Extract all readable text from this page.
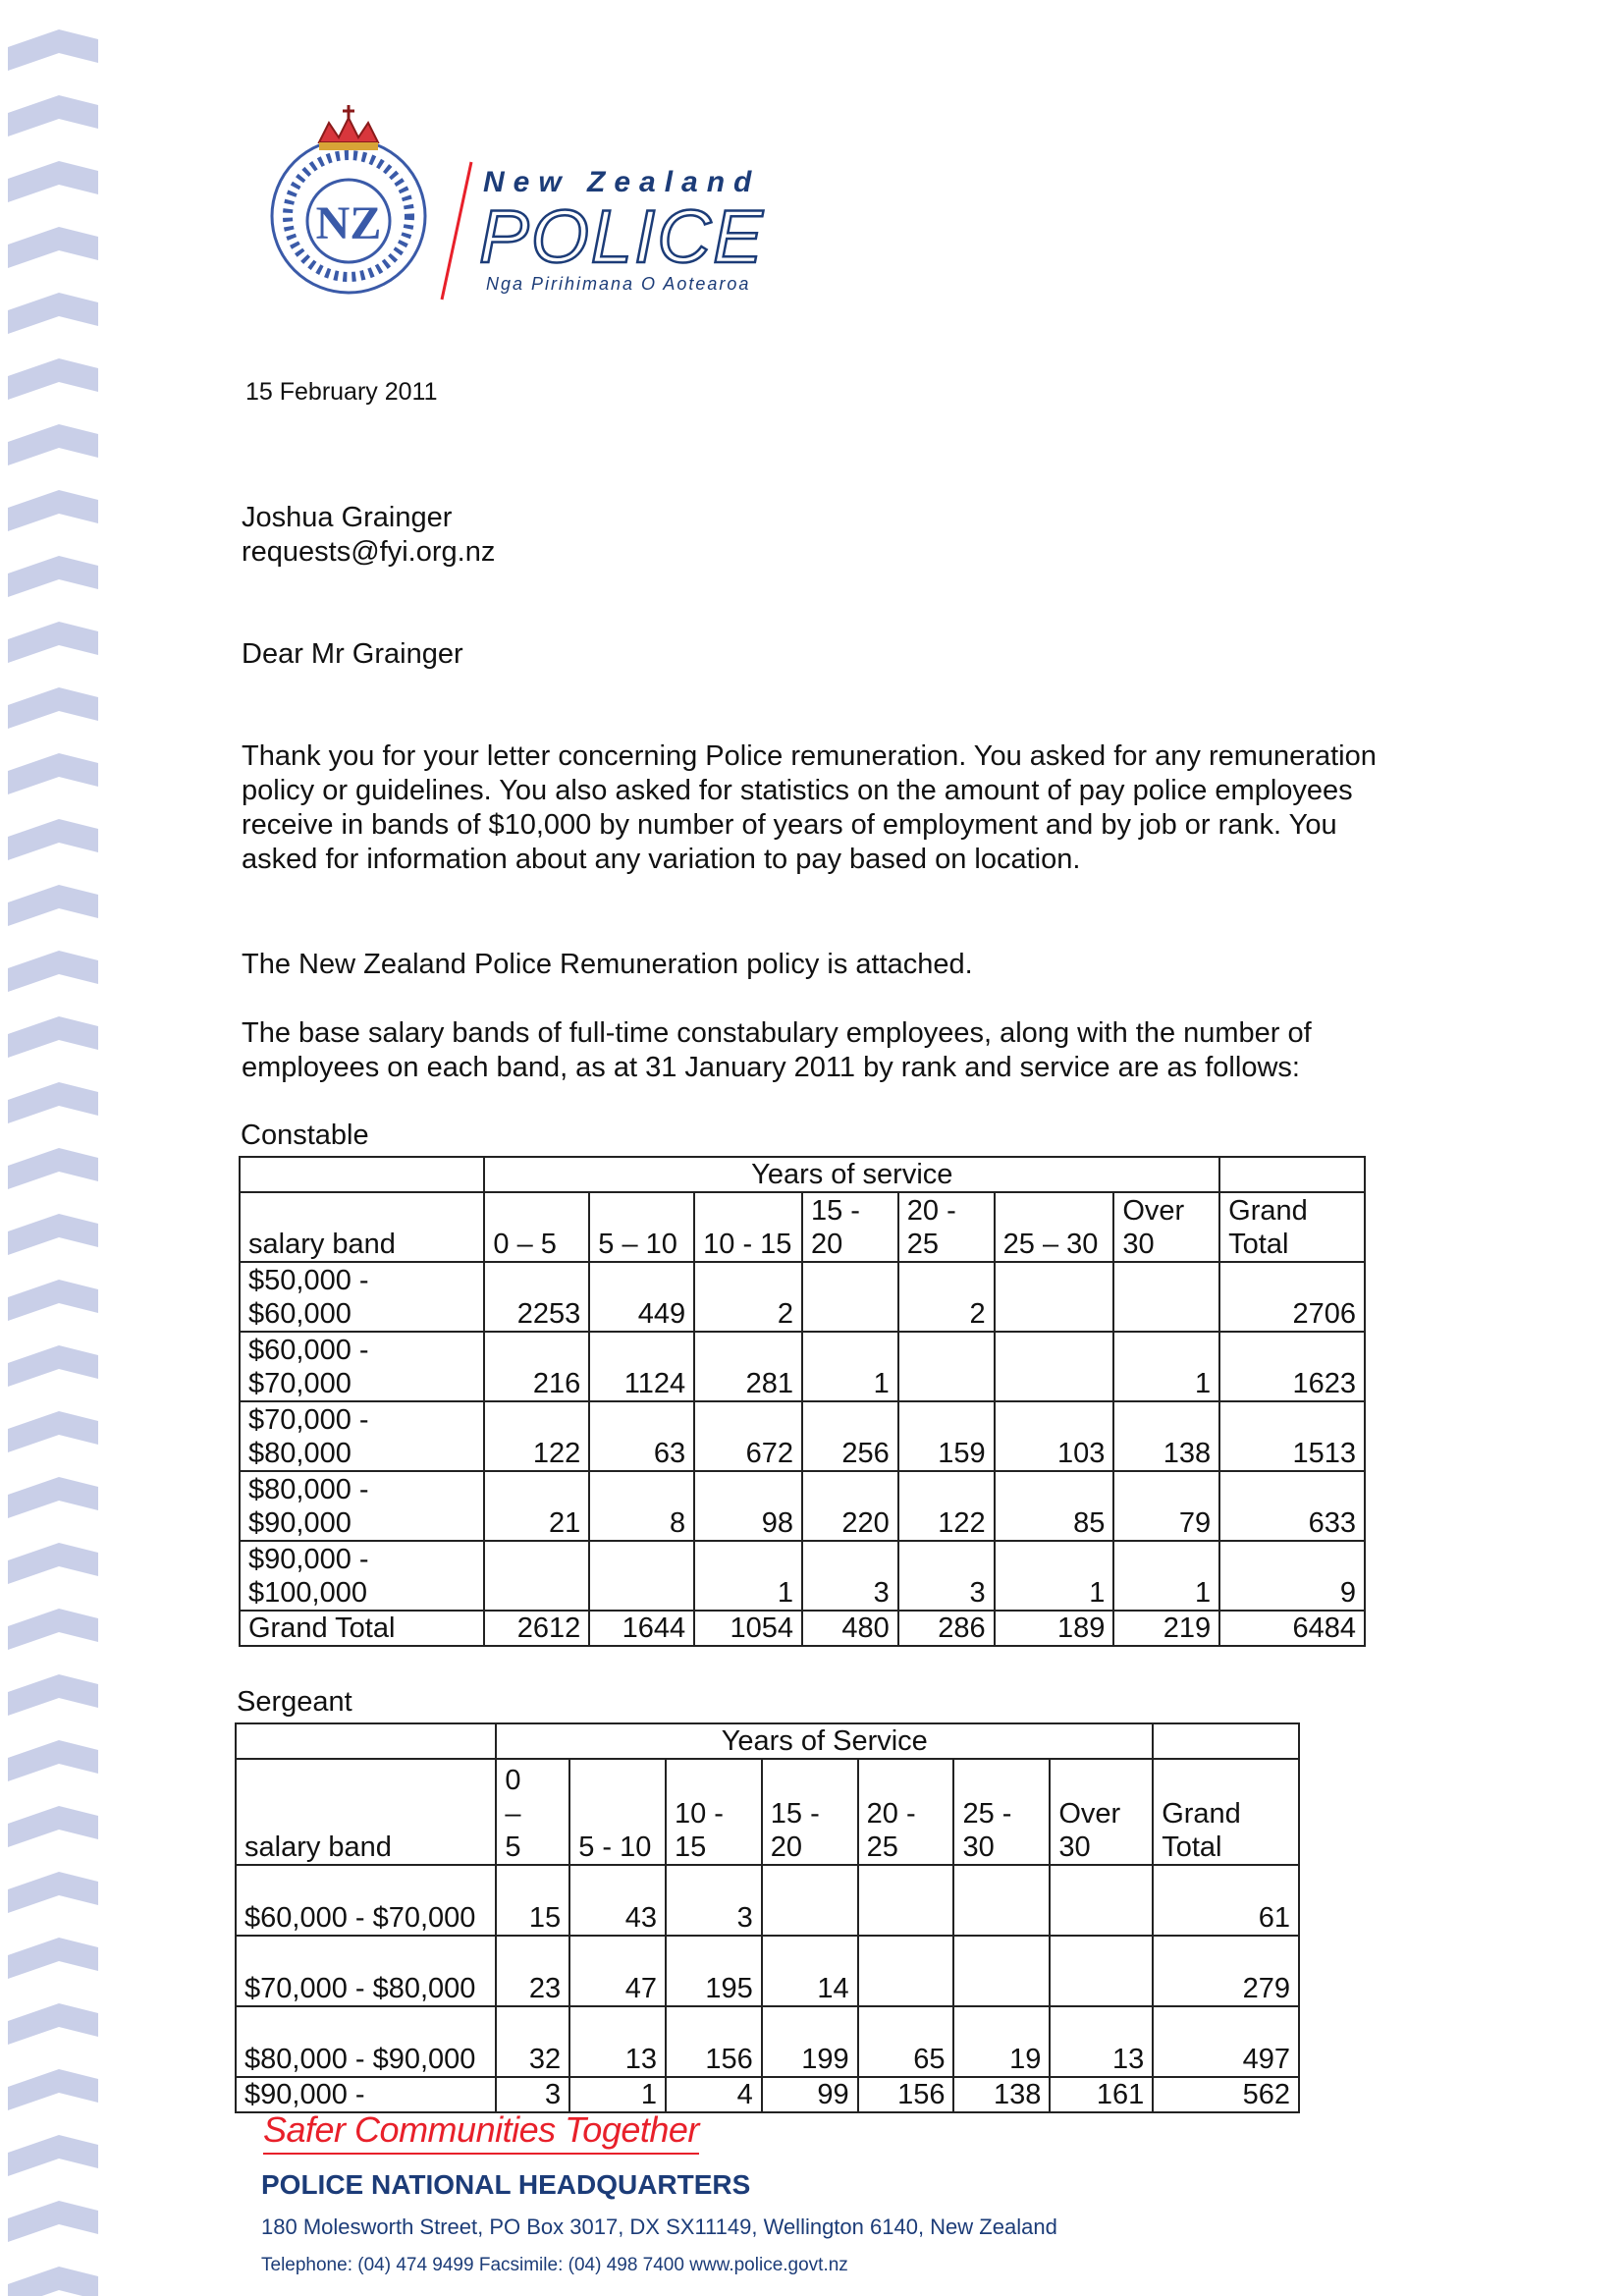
NZ
New Zealand
POLICE
Nga Pirihimana O Aotearoa
15 February 2011
Joshua Grainger
requests@fyi.org.nz
Dear Mr Grainger

Thank you for your letter concerning Police remuneration. You asked for any remuneration policy or guidelines. You also asked for statistics on the amount of pay police employees receive in bands of $10,000 by number of years of employment and by job or rank. You asked for information about any variation to pay based on location.

The New Zealand Police Remuneration policy is attached.

The base salary bands of full-time constabulary employees, along with the number of employees on each band, as at 31 January 2011 by rank and service are as follows:

Constable
	Years of service							
salary band	0 – 5	5 – 10	10 - 15	15 - 20	20 - 25	25 – 30	Over 30	Grand Total
$50,000 - $60,000	2253	449	2		2			2706
$60,000 - $70,000	216	1124	281	1			1	1623
$70,000 - $80,000	122	63	672	256	159	103	138	1513
$80,000 - $90,000	21	8	98	220	122	85	79	633
$90,000 - $100,000			1	3	3	1	1	9
Grand Total	2612	1644	1054	480	286	189	219	6484
Sergeant
	Years of Service							
salary band	0 – 5	5 - 10	10 - 15	15 - 20	20 - 25	25 - 30	Over 30	Grand Total
$60,000 - $70,000	15	43	3					61
$70,000 - $80,000	23	47	195	14				279
$80,000 - $90,000	32	13	156	199	65	19	13	497
$90,000 -	3	1	4	99	156	138	161	562
Safer Communities Together
POLICE NATIONAL HEADQUARTERS
180 Molesworth Street, PO Box 3017, DX SX11149, Wellington 6140, New Zealand
Telephone: (04) 474 9499 Facsimile: (04) 498 7400 www.police.govt.nz
